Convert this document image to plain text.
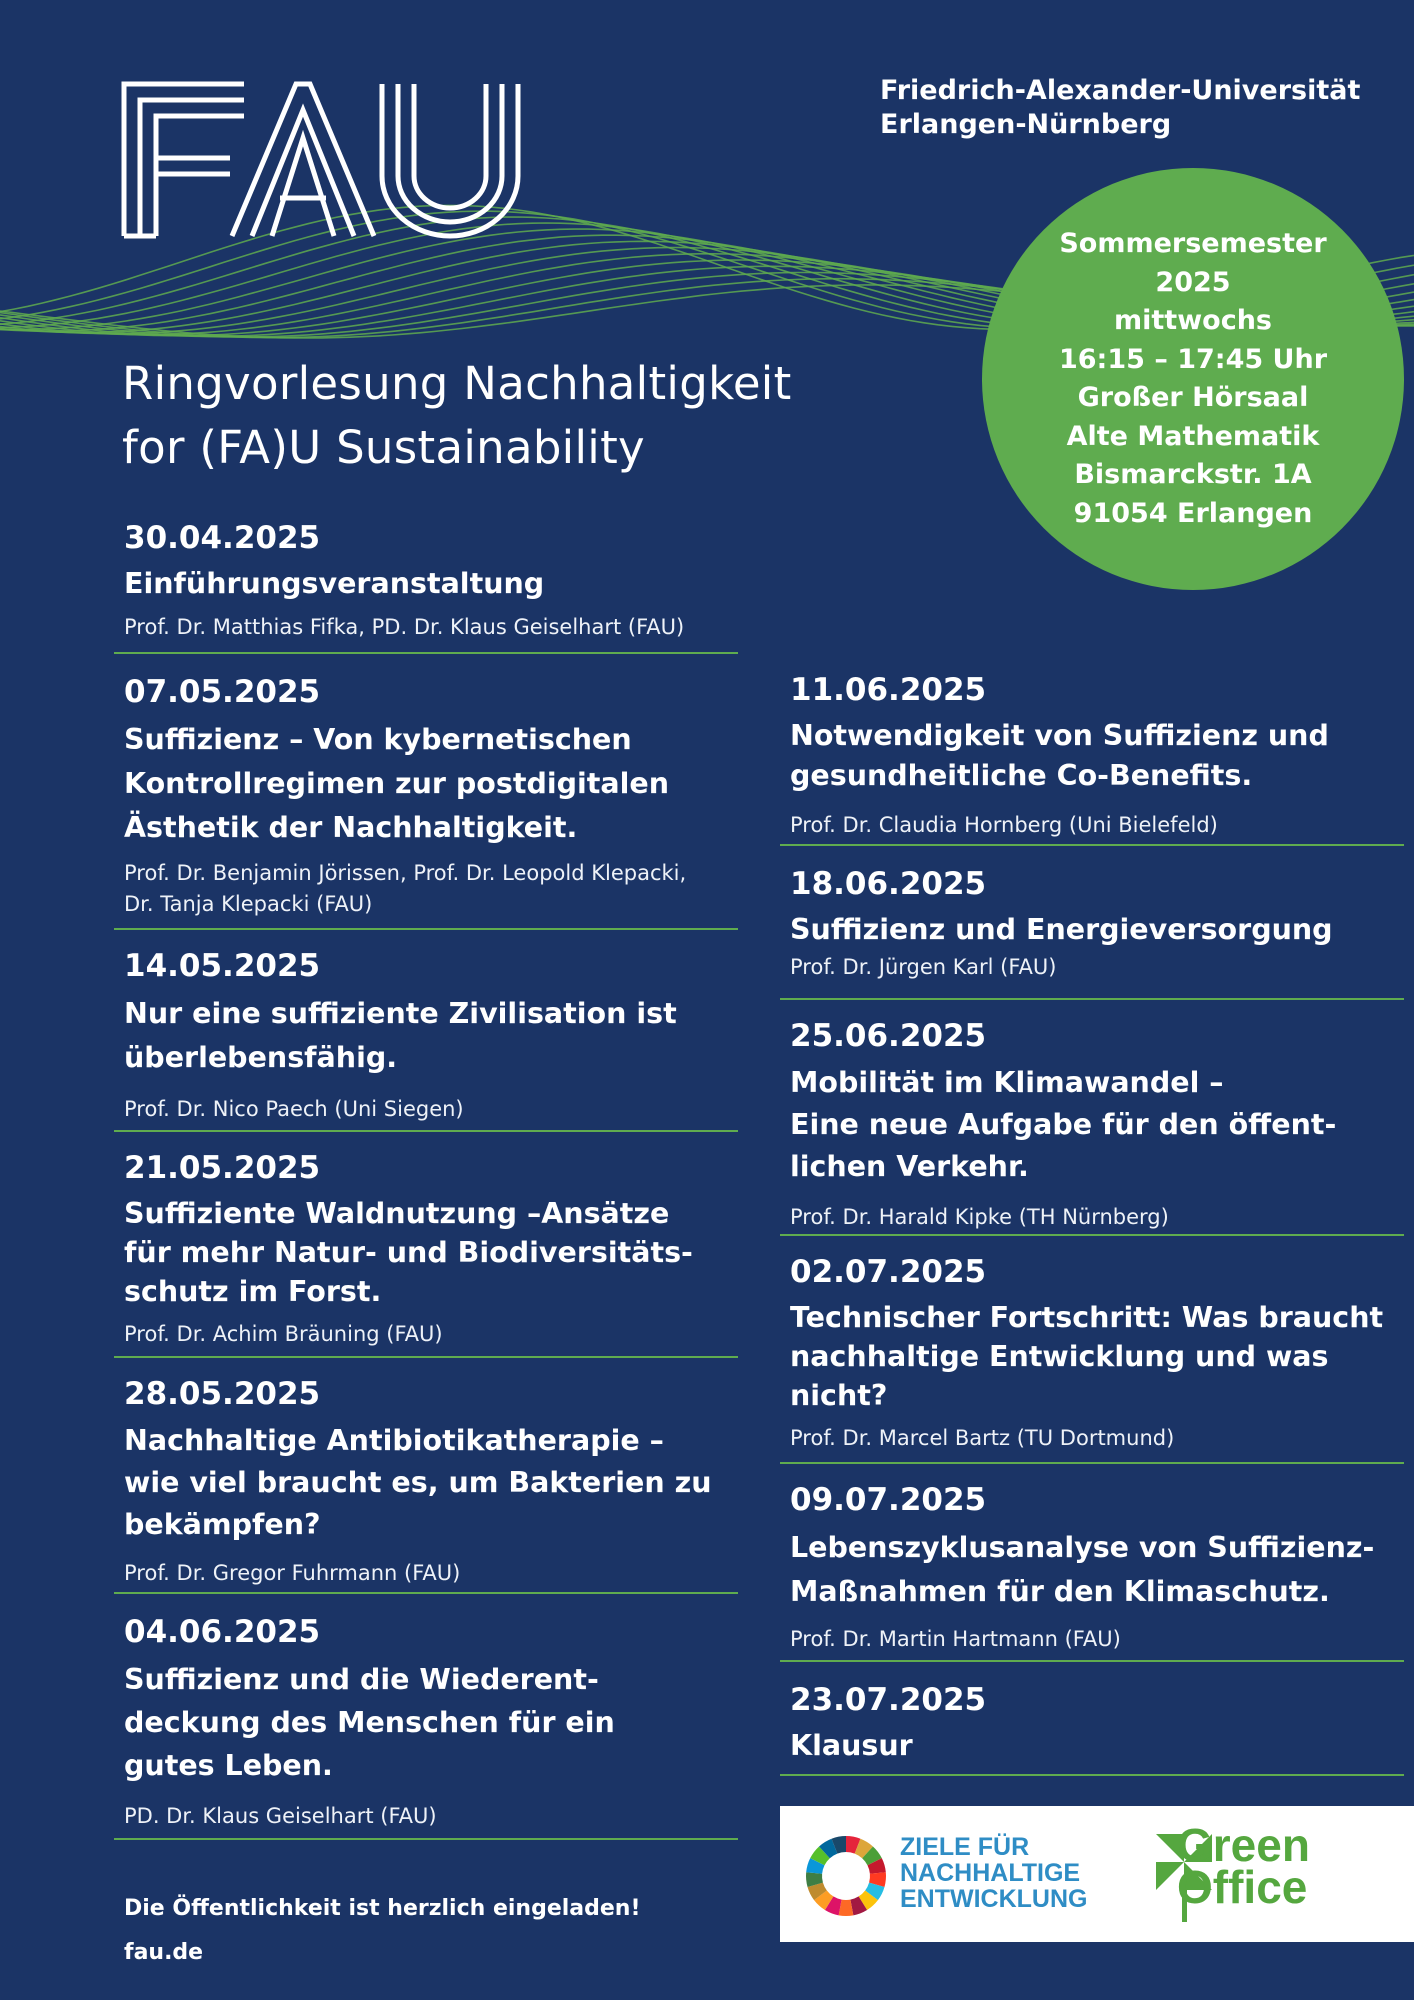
Friedrich-Alexander-Universität
Erlangen-Nürnberg
Sommersemester
2025
mittwochs
16:15 – 17:45 Uhr
Großer Hörsaal
Alte Mathematik
Bismarckstr. 1A
91054 Erlangen
Ringvorlesung Nachhaltigkeit
for (FA)U Sustainability
30.04.2025
Einführungsveranstaltung
Prof. Dr. Matthias Fifka, PD. Dr. Klaus Geiselhart (FAU)
07.05.2025
Suffizienz – Von kybernetischen
Kontrollregimen zur postdigitalen
Ästhetik der Nachhaltigkeit.
Prof. Dr. Benjamin Jörissen, Prof. Dr. Leopold Klepacki,
Dr. Tanja Klepacki (FAU)
14.05.2025
Nur eine suffiziente Zivilisation ist
überlebensfähig.
Prof. Dr. Nico Paech (Uni Siegen)
21.05.2025
Suffiziente Waldnutzung –Ansätze
für mehr Natur- und Biodiversitäts-
schutz im Forst.
Prof. Dr. Achim Bräuning (FAU)
28.05.2025
Nachhaltige Antibiotikatherapie –
wie viel braucht es, um Bakterien zu
bekämpfen?
Prof. Dr. Gregor Fuhrmann (FAU)
04.06.2025
Suffizienz und die Wiederent-
deckung des Menschen für ein
gutes Leben.
PD. Dr. Klaus Geiselhart (FAU)
11.06.2025
Notwendigkeit von Suffizienz und
gesundheitliche Co-Benefits.
Prof. Dr. Claudia Hornberg (Uni Bielefeld)
18.06.2025
Suffizienz und Energieversorgung
Prof. Dr. Jürgen Karl (FAU)
25.06.2025
Mobilität im Klimawandel –
Eine neue Aufgabe für den öffent-
lichen Verkehr.
Prof. Dr. Harald Kipke (TH Nürnberg)
02.07.2025
Technischer Fortschritt: Was braucht
nachhaltige Entwicklung und was
nicht?
Prof. Dr. Marcel Bartz (TU Dortmund)
09.07.2025
Lebenszyklusanalyse von Suffizienz-
Maßnahmen für den Klimaschutz.
Prof. Dr. Martin Hartmann (FAU)
23.07.2025
Klausur
Die Öffentlichkeit ist herzlich eingeladen!
fau.de
ZIELE FÜR
NACHHALTIGE
ENTWICKLUNG
Green
Office
